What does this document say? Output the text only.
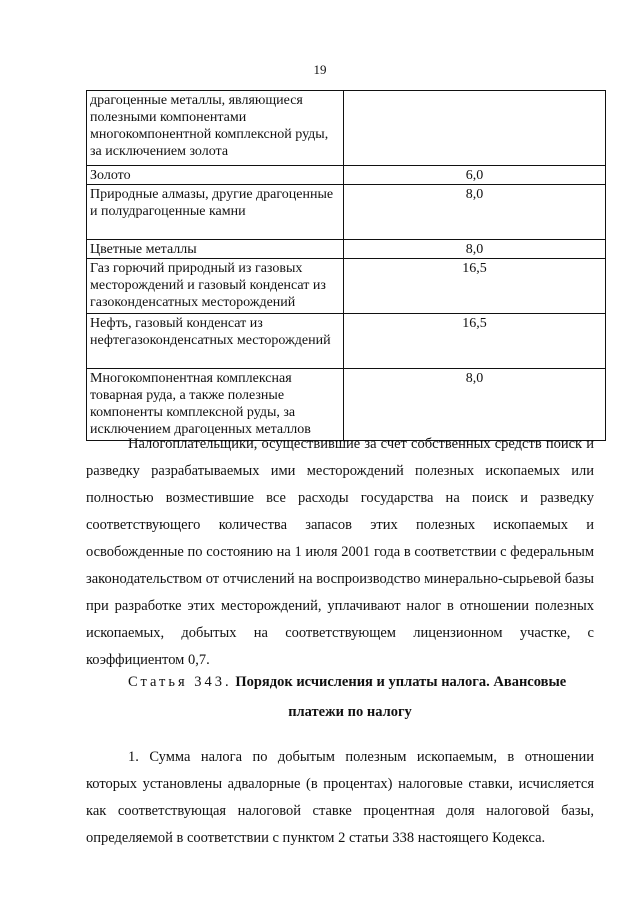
19
драгоценные металлы, являющиеся полезными компонентами многокомпонентной комплексной руды, за исключением золота	
Золото	6,0
Природные алмазы, другие драгоценные и полудрагоценные камни	8,0
Цветные металлы	8,0
Газ горючий природный из газовых месторождений и газовый конденсат из газоконденсатных месторождений	16,5
Нефть, газовый конденсат из нефтегазоконденсатных месторождений	16,5
Многокомпонентная комплексная товарная руда, а также полезные компоненты комплексной руды, за исключением драгоценных металлов	8,0

Налогоплательщики, осуществившие за счет собственных средств поиск и разведку разрабатываемых ими месторождений полезных ископаемых или полностью возместившие все расходы государства на поиск и разведку соответствующего количества запасов этих полезных ископаемых и освобожденные по состоянию на 1 июля 2001 года в соответствии с федеральным законодательством от отчислений на воспроизводство минерально-сырьевой базы при разработке этих месторождений, уплачивают налог в отношении полезных ископаемых, добытых на соответствующем лицензионном участке, с коэффициентом 0,7.

Статья 343. Порядок исчисления и уплаты налога. Авансовые
платежи по налогу

1. Сумма налога по добытым полезным ископаемым, в отношении которых установлены адвалорные (в процентах) налоговые ставки, исчисляется как соответствующая налоговой ставке процентная доля налоговой базы, определяемой в соответствии с пунктом 2 статьи 338 настоящего Кодекса.
